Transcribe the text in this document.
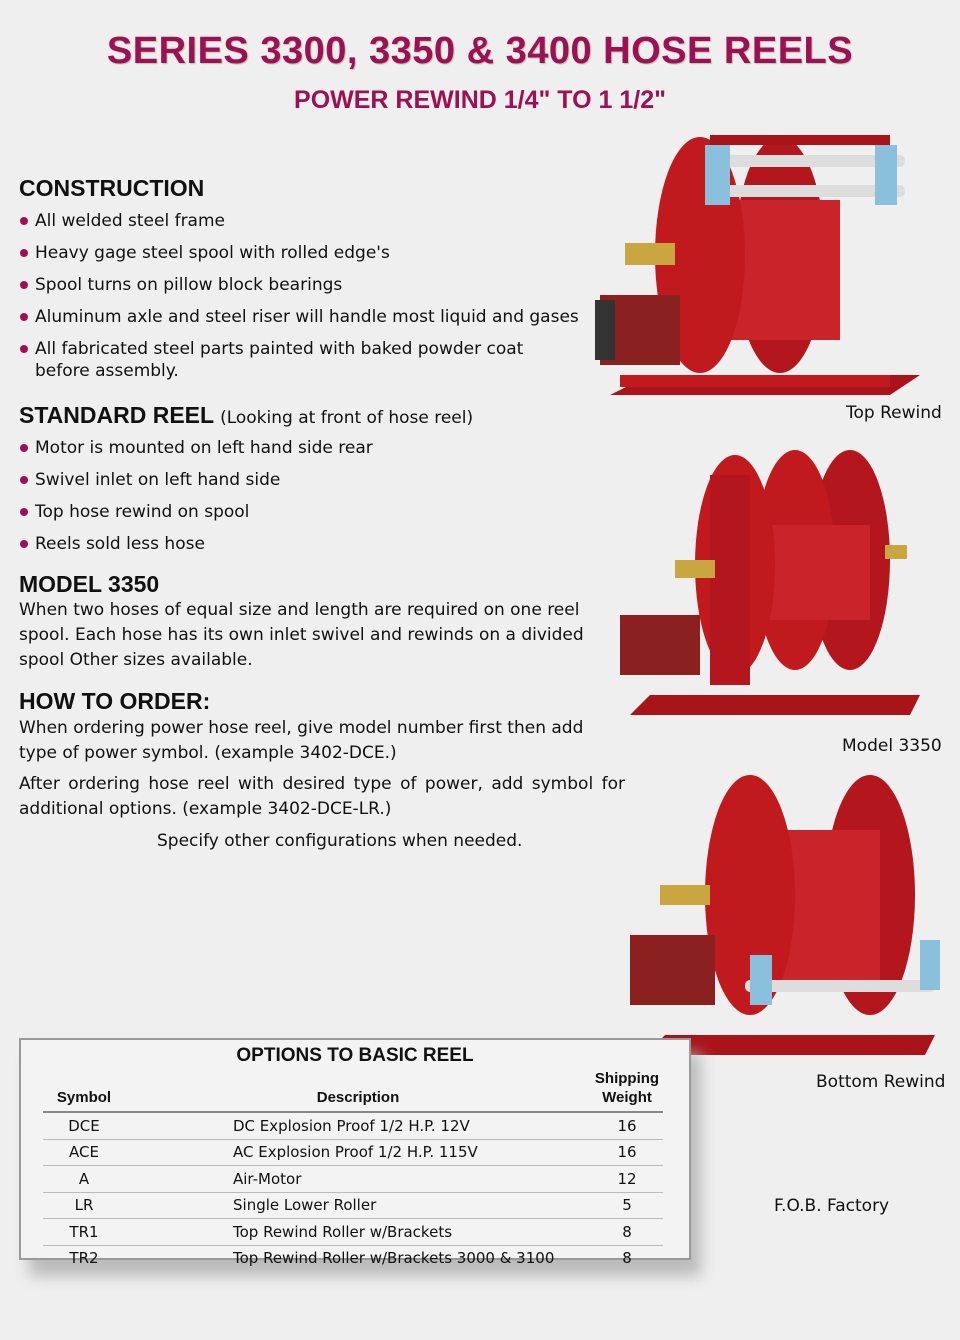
SERIES 3300, 3350 & 3400 HOSE REELS
POWER REWIND 1/4" TO 1 1/2"
CONSTRUCTION
All welded steel frame
Heavy gage steel spool with rolled edge's
Spool turns on pillow block bearings
Aluminum axle and steel riser will handle most liquid and gases
All fabricated steel parts painted with baked powder coat before assembly.
STANDARD REEL (Looking at front of hose reel)
Motor is mounted on left hand side rear
Swivel inlet on left hand side
Top hose rewind on spool
Reels sold less hose
MODEL 3350

When two hoses of equal size and length are required on one reel spool. Each hose has its own inlet swivel and rewinds on a divided spool Other sizes available.

HOW TO ORDER:

When ordering power hose reel, give model number first then add type of power symbol. (example 3402-DCE.)

After ordering hose reel with desired type of power, add symbol for additional options. (example 3402-DCE-LR.)

Specify other configurations when needed.

Top Rewind
Model 3350
Bottom Rewind
F.O.B. Factory
OPTIONS TO BASIC REEL
Symbol	Description	Shipping
Weight
DCE	DC Explosion Proof 1/2 H.P. 12V	16
ACE	AC Explosion Proof 1/2 H.P. 115V	16
A	Air-Motor	12
LR	Single Lower Roller	5
TR1	Top Rewind Roller w/Brackets	8
TR2	Top Rewind Roller w/Brackets 3000 & 3100	8
